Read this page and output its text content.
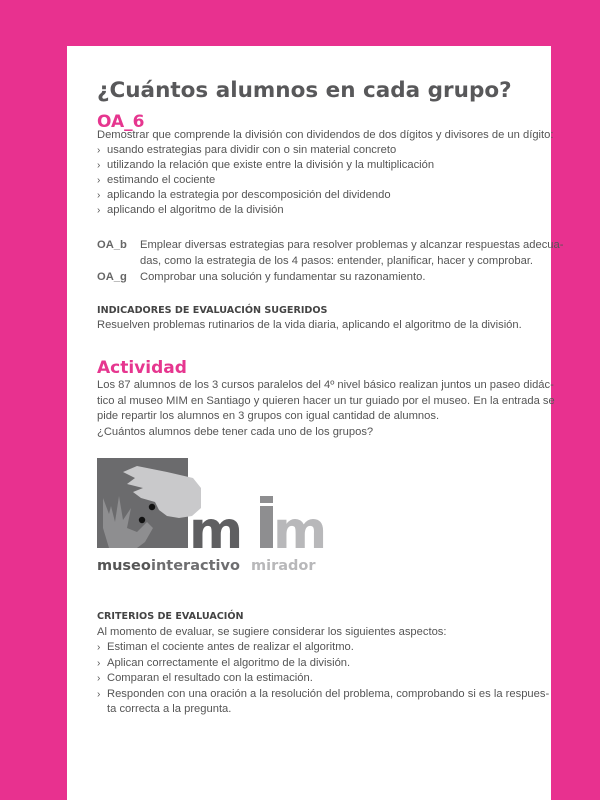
¿Cuántos alumnos en cada grupo?
OA_6
Demostrar que comprende la división con dividendos de dos dígitos y divisores de un dígito:
› usando estrategias para dividir con o sin material concreto
› utilizando la relación que existe entre la división y la multiplicación
› estimando el cociente
› aplicando la estrategia por descomposición del dividendo
› aplicando el algoritmo de la división
OA_b	Emplear diversas estrategias para resolver problemas y alcanzar respuestas adecua-
das, como la estrategia de los 4 pasos: entender, planificar, hacer y comprobar.
OA_g	Comprobar una solución y fundamentar su razonamiento.
INDICADORES DE EVALUACIÓN SUGERIDOS
Resuelven problemas rutinarios de la vida diaria, aplicando el algoritmo de la división.
Actividad
Los 87 alumnos de los 3 cursos paralelos del 4º nivel básico realizan juntos un paseo didác-
tico al museo MIM en Santiago y quieren hacer un tur guiado por el museo. En la entrada se
pide repartir los alumnos en 3 grupos con igual cantidad de alumnos.
¿Cuántos alumnos debe tener cada uno de los grupos?
m m
museo interactivo mirador
CRITERIOS DE EVALUACIÓN
Al momento de evaluar, se sugiere considerar los siguientes aspectos:
› Estiman el cociente antes de realizar el algoritmo.
› Aplican correctamente el algoritmo de la división.
› Comparan el resultado con la estimación.
› Responden con una oración a la resolución del problema, comprobando si es la respues-
ta correcta a la pregunta.
